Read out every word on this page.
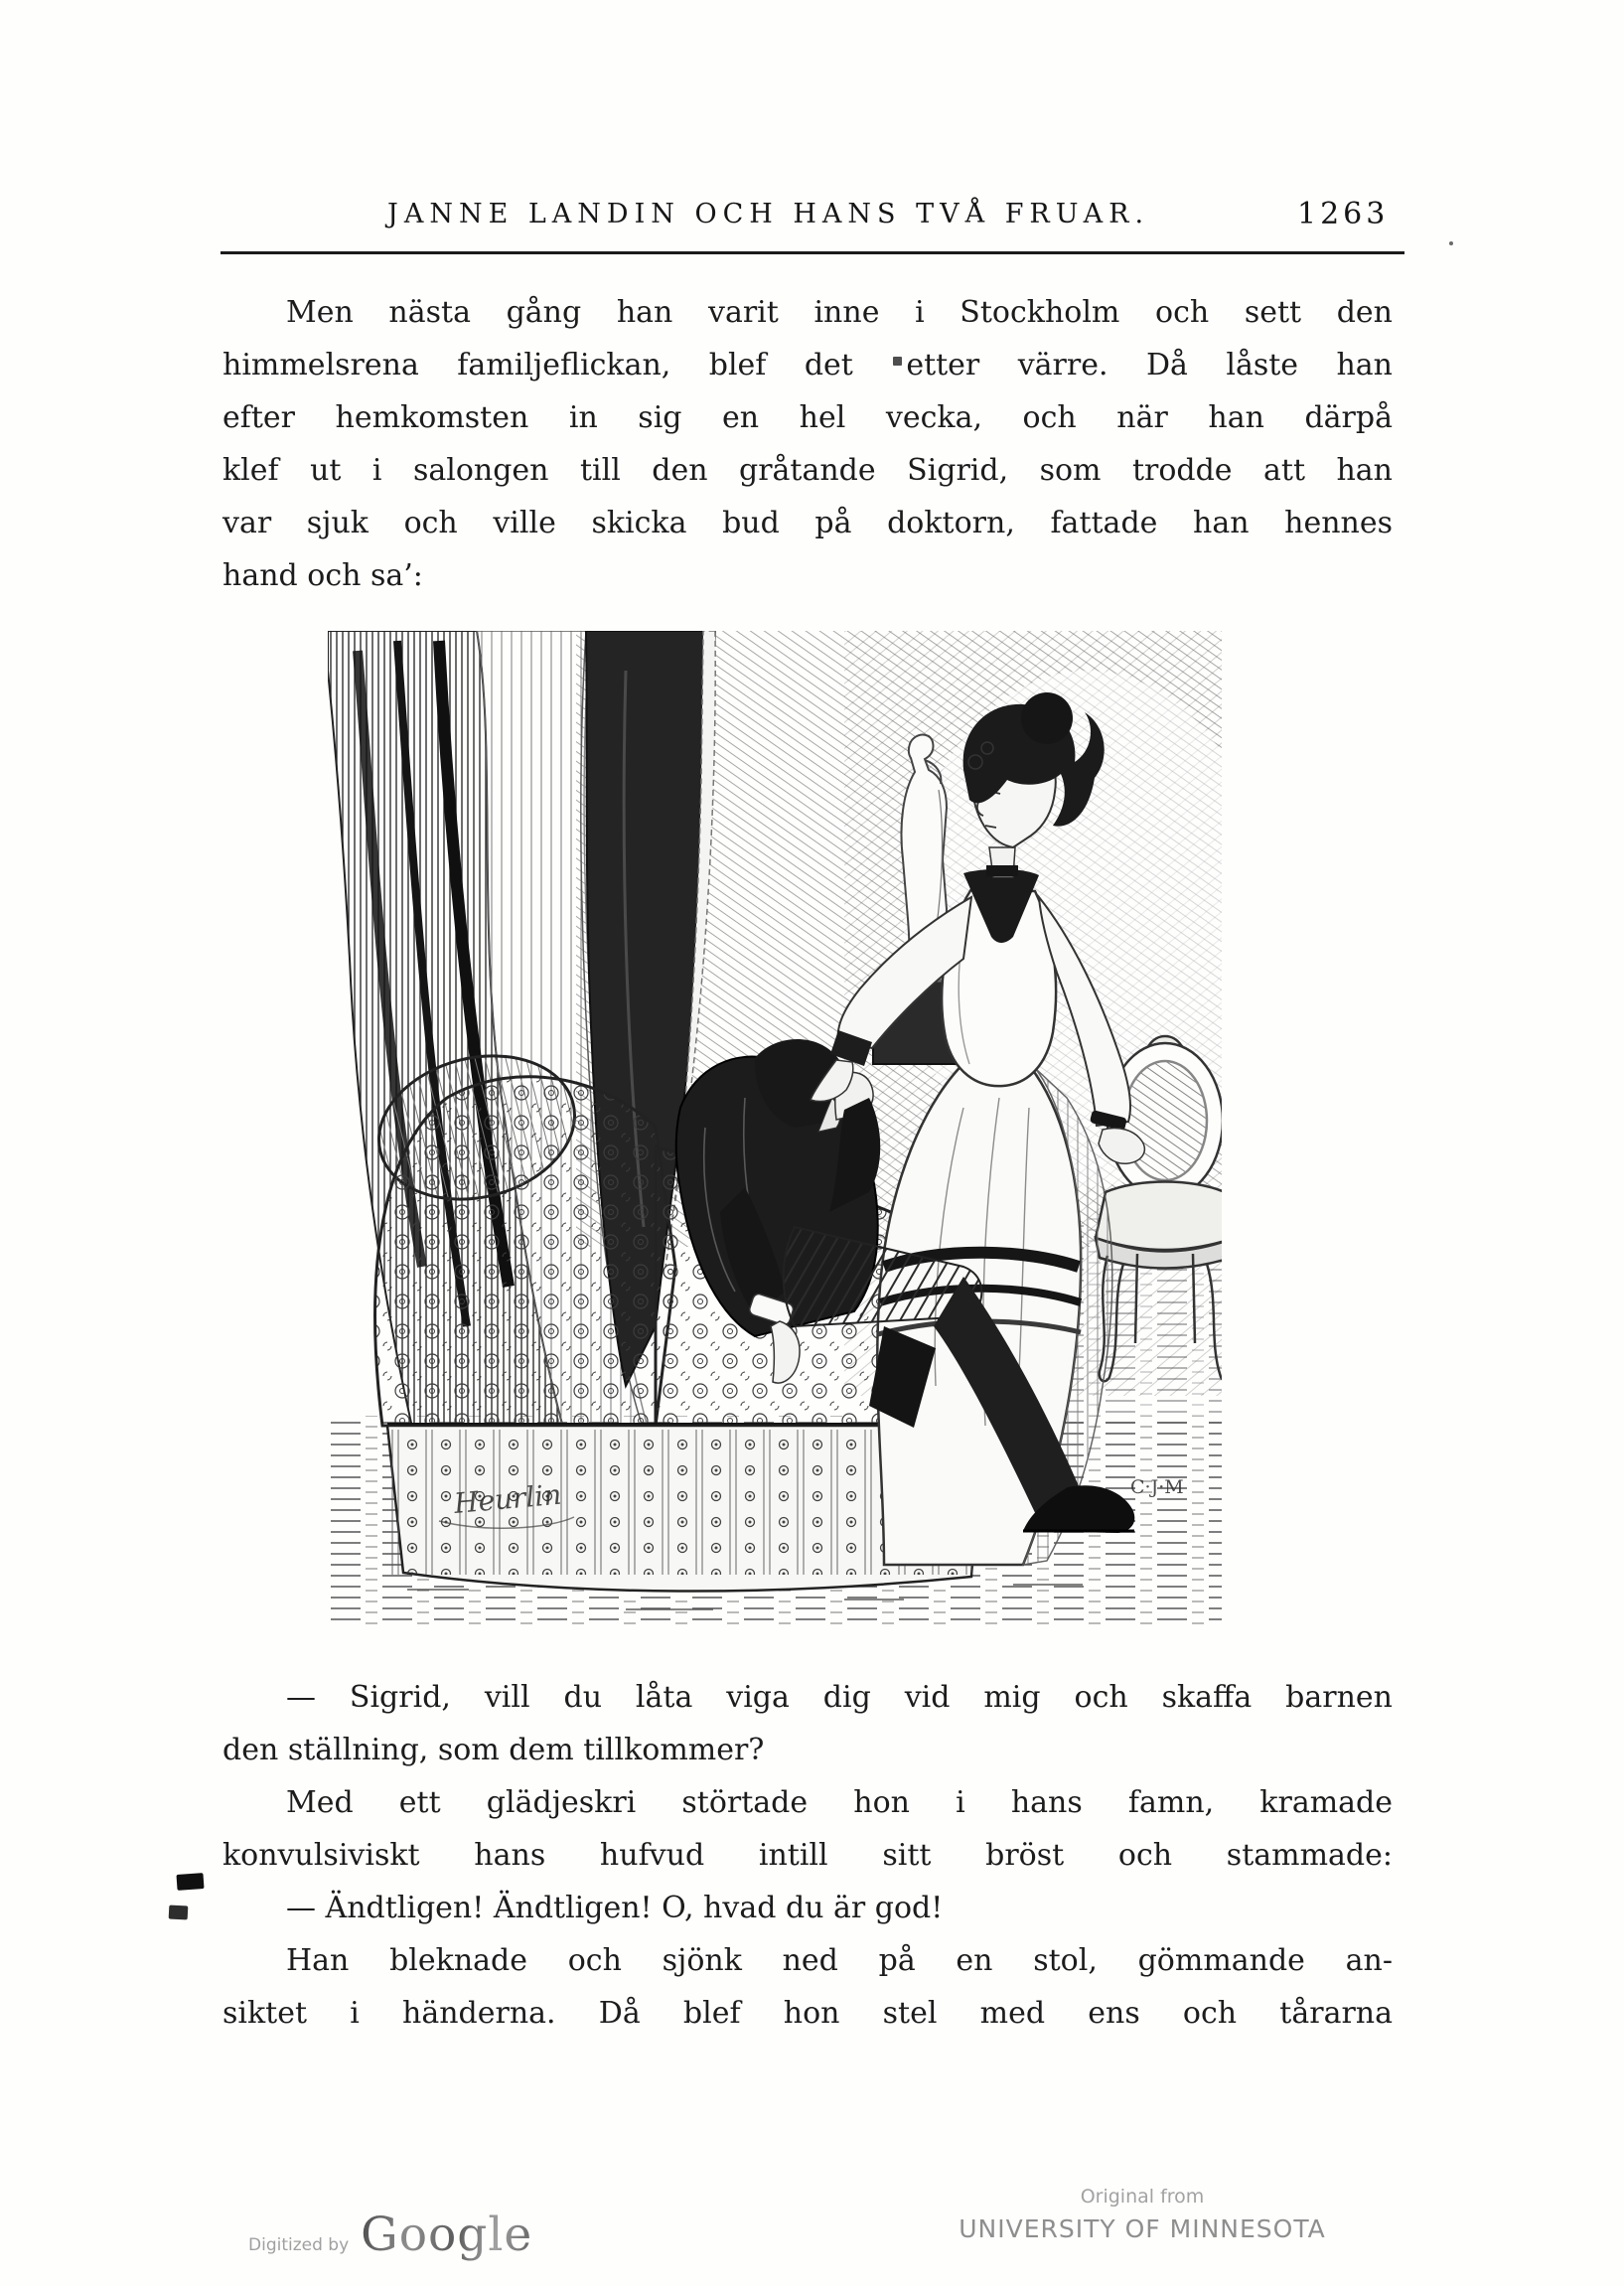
JANNE LANDIN OCH HANS TVÅ FRUAR.	1263
Men nästa gång han varit inne i Stockholm och sett den
himmelsrena familjeflickan, blef det etter värre. Då låste han
efter hemkomsten in sig en hel vecka, och när han därpå
klef ut i salongen till den gråtande Sigrid, som trodde att han
var sjuk och ville skicka bud på doktorn, fattade han hennes
hand och sa’:
Heurlin	C·J·M
— Sigrid, vill du låta viga dig vid mig och skaffa barnen
den ställning, som dem tillkommer?
Med ett glädjeskri störtade hon i hans famn, kramade
konvulsiviskt hans hufvud intill sitt bröst och stammade:
— Ändtligen! Ändtligen! O, hvad du är god!
Han bleknade och sjönk ned på en stol, gömmande an-
siktet i händerna. Då blef hon stel med ens och tårarna
Digitized by Google
Original from
UNIVERSITY OF MINNESOTA
